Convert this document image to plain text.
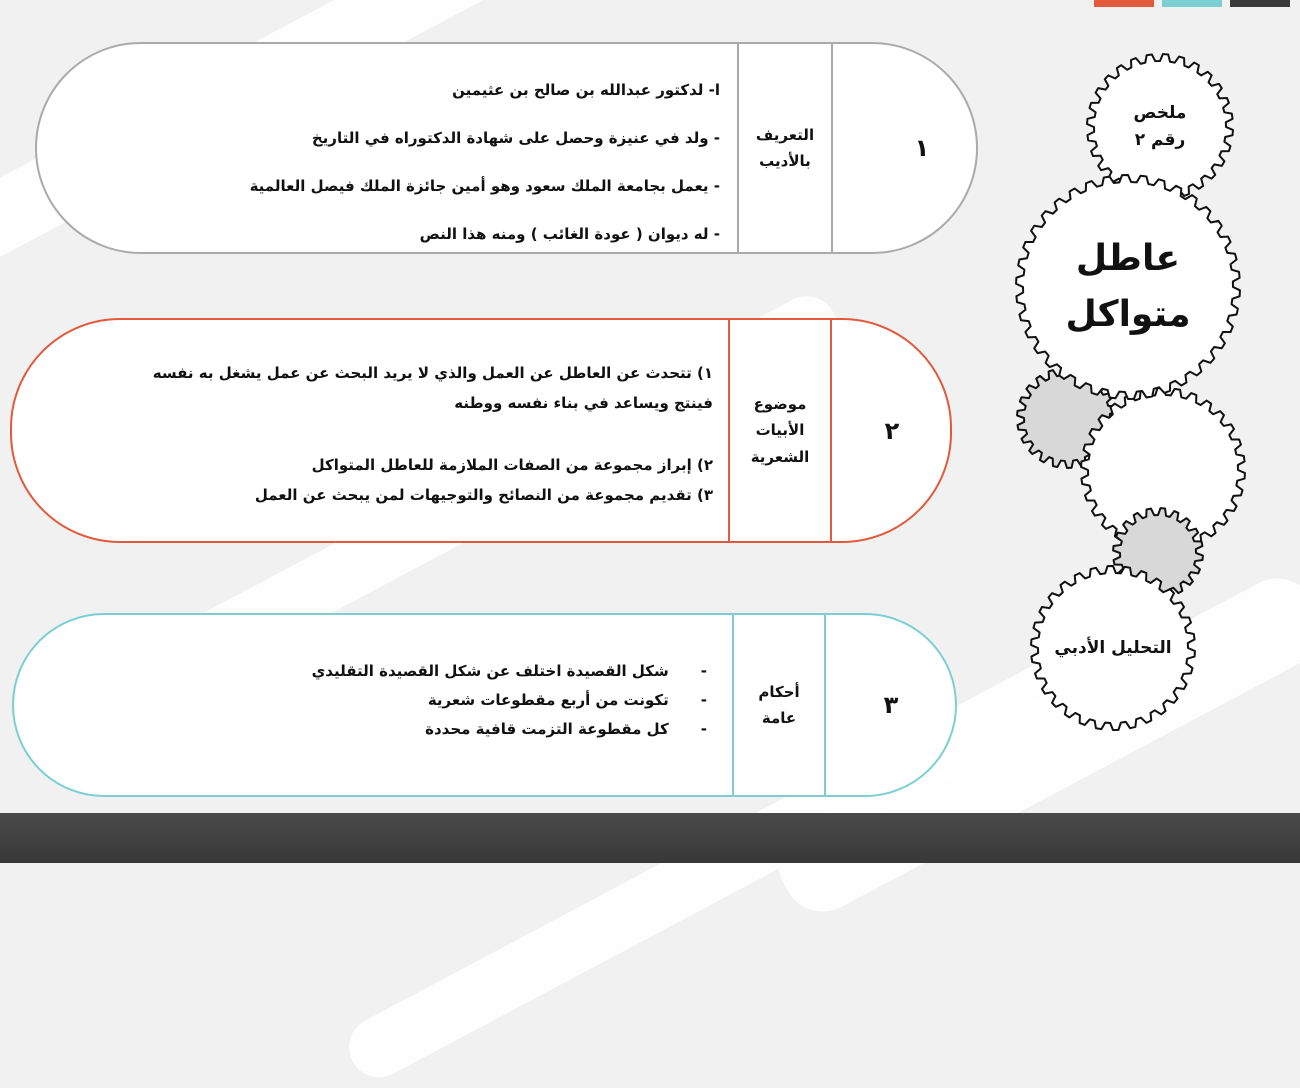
١
التعريف
بالأديب
ا- لدكتور عبدالله بن صالح بن عثيمين
- ولد في عنيزة وحصل على شهادة الدكتوراه في التاريخ
- يعمل بجامعة الملك سعود وهو أمين جائزة الملك فيصل العالمية
- له ديوان ( عودة الغائب ) ومنه هذا النص
٢
موضوع
الأبيات
الشعرية
١) تتحدث عن العاطل عن العمل والذي لا يريد البحث عن عمل يشغل به نفسه
فينتج ويساعد في بناء نفسه ووطنه
٢) إبراز مجموعة من الصفات الملازمة للعاطل المتواكل
٣) تقديم مجموعة من النصائح والتوجيهات لمن يبحث عن العمل
٣
أحكام
عامة
-شكل القصيدة اختلف عن شكل القصيدة التقليدي
-تكونت من أربع مقطوعات شعرية
-كل مقطوعة التزمت قافية محددة
ملخص
رقم ٢
عاطل
متواكل
التحليل الأدبي
